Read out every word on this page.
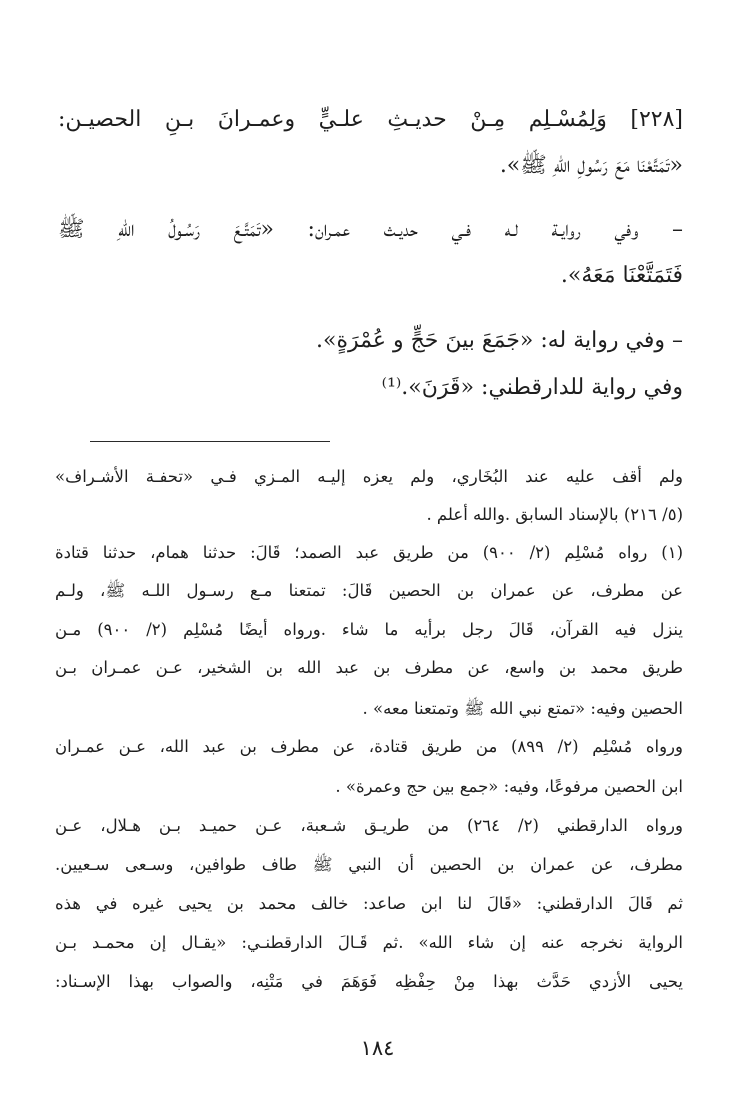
[٢٢٨] وَلِمُسْـلِم مِـنْ حديـثِ علـيٍّ وعمـرانَ بـنِ الحصيـن:
«تَمَتَّعْنَا مَعَ رَسُولِ اللهِ ﷺ».
– وفي روايـة لـه فـي حديـث عمـران: «تَمَتَّـعَ رَسُـولُ اللهِ ﷺ
فَتَمَتَّعْنَا مَعَهُ».
– وفي رواية له: «جَمَعَ بينَ حَجٍّ و عُمْرَةٍ».
وفي رواية للدارقطني: «قَرَنَ».⁽¹⁾
ولم أقف عليه عند البُخَاري، ولم يعزه إليـه المـزي فـي «تحفـة الأشـراف»
(٥/ ٢١٦) بالإسناد السابق .والله أعلم .
(١) رواه مُسْلِم (٢/ ٩٠٠) من طريق عبد الصمد؛ قَالَ: حدثنا همام، حدثنا قتادة
عن مطرف، عن عمران بن الحصين قَالَ: تمتعنا مـع رسـول اللـه ﷺ، ولـم
ينزل فيه القرآن، قَالَ رجل برأيه ما شاء .ورواه أيضًا مُسْلِم (٢/ ٩٠٠) مـن
طريق محمد بن واسع، عن مطرف بن عبد الله بن الشخير، عـن عمـران بـن
الحصين وفيه: «تمتع نبي الله ﷺ وتمتعنا معه» .
ورواه مُسْلِم (٢/ ٨٩٩) من طريق قتادة، عن مطرف بن عبد الله، عـن عمـران
ابن الحصين مرفوعًا، وفيه: «جمع بين حج وعمرة» .
ورواه الدارقطني (٢/ ٢٦٤) من طريـق شـعبة، عـن حميـد بـن هـلال، عـن
مطرف، عن عمران بن الحصين أن النبي ﷺ طاف طوافين، وسـعى سـعيين.
ثم قَالَ الدارقطني: «قَالَ لنا ابن صاعد: خالف محمد بن يحيى غيره في هذه
الرواية نخرجه عنه إن شاء الله» .ثم قَـالَ الدارقطنـي: «يقـال إن محمـد بـن
يحيى الأزدي حَدَّث بهذا مِنْ حِفْظِه فَوَهَمَ في مَتْنِه، والصواب بهذا الإسـناد:
١٨٤
